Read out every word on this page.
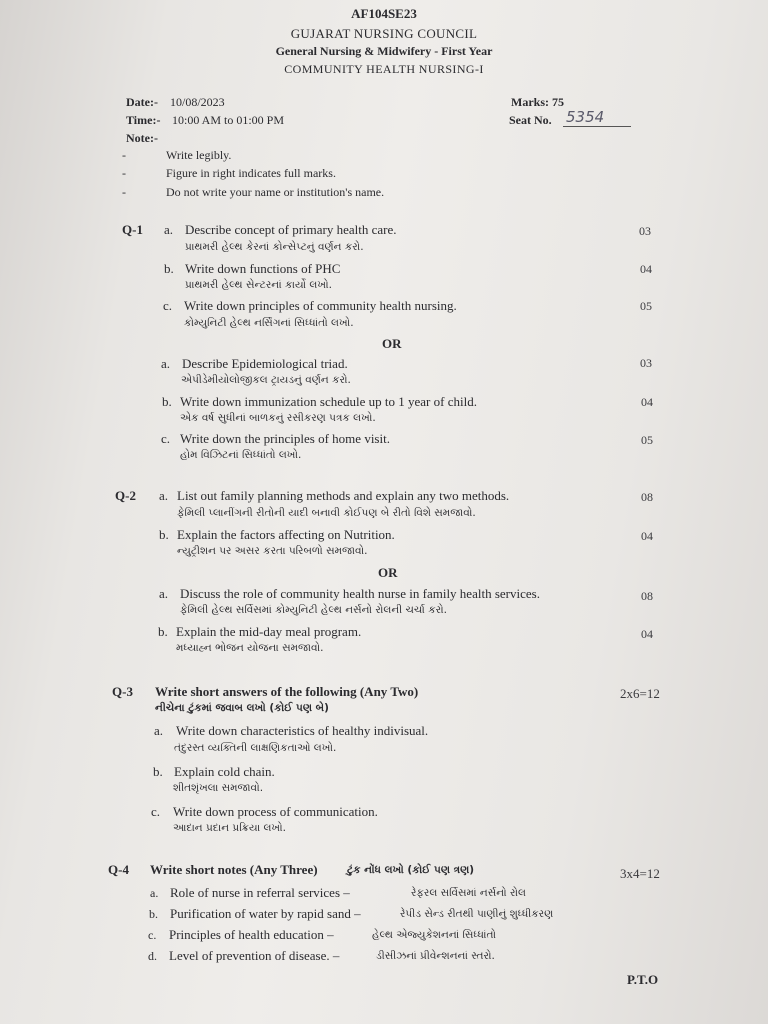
AF104SE23
GUJARAT NURSING COUNCIL
General Nursing & Midwifery - First Year
COMMUNITY HEALTH NURSING-I
Date:- 10/08/2023
Time:- 10:00 AM to 01:00 PM
Note:-
Marks: 75
Seat No. 5354
-	Write legibly.
-	Figure in right indicates full marks.
-	Do not write your name or institution's name.
Q-1 a. Describe concept of primary health care.
પ્રાથમરી હેલ્થ કેરનાં કોન્સેપ્ટનું વર્ણન કરો.
03
b. Write down functions of PHC
પ્રાથમરી હેલ્થ સેન્ટરનાં કાર્યો લખો.
04
c. Write down principles of community health nursing.
કોમ્યુનિટી હેલ્થ નર્સિંગનાં સિધ્ધાંતો લખો.
05
OR
a. Describe Epidemiological triad.
એપીડેમીયોલોજીકલ ટ્રાયડનું વર્ણન કરો.
03
b. Write down immunization schedule up to 1 year of child.
એક વર્ષ સુધીનાં બાળકનું રસીકરણ પત્રક લખો.
04
c. Write down the principles of home visit.
હોમ વિઝિટનાં સિધ્ધાંતો લખો.
05
Q-2 a. List out family planning methods and explain any two methods.
ફેમિલી પ્લાનીંગની રીતોની યાદી બનાવી કોઈપણ બે રીતો વિશે સમજાવો.
08
b. Explain the factors affecting on Nutrition.
ન્યુટ્રીશન પર અસર કરતા પરિબળો સમજાવો.
04
OR
a. Discuss the role of community health nurse in family health services.
ફેમિલી હેલ્થ સર્વિસમાં કોમ્યુનિટી હેલ્થ નર્સનો રોલની ચર્ચા કરો.
08
b. Explain the mid-day meal program.
મધ્યાહ્ન ભોજન યોજના સમજાવો.
04
Q-3 Write short answers of the following (Any Two)
નીચેના ટુંકમાં જવાબ લખો (કોઈ પણ બે)
2x6=12
a. Write down characteristics of healthy indivisual.
તંદુરસ્ત વ્યક્તિની લાક્ષણિકતાઓ લખો.
b. Explain cold chain.
શીતશૃંખલા સમજાવો.
c. Write down process of communication.
આદાન પ્રદાન પ્રક્રિયા લખો.
Q-4 Write short notes (Any Three)	ટુંક નોંધ લખો (કોઈ પણ ત્રણ)	3x4=12
a. Role of nurse in referral services –	રેફરલ સર્વિસમાં નર્સનો રોલ
b. Purification of water by rapid sand –	રેપીડ સેન્ડ રીતથી પાણીનું શુધ્ધીકરણ
c. Principles of health education –	હેલ્થ એજ્યુકેશનનાં સિધ્ધાંતો
d. Level of prevention of disease. –	ડીસીઝનાં પ્રીવેન્શનનાં સ્તરો.
P.T.O
